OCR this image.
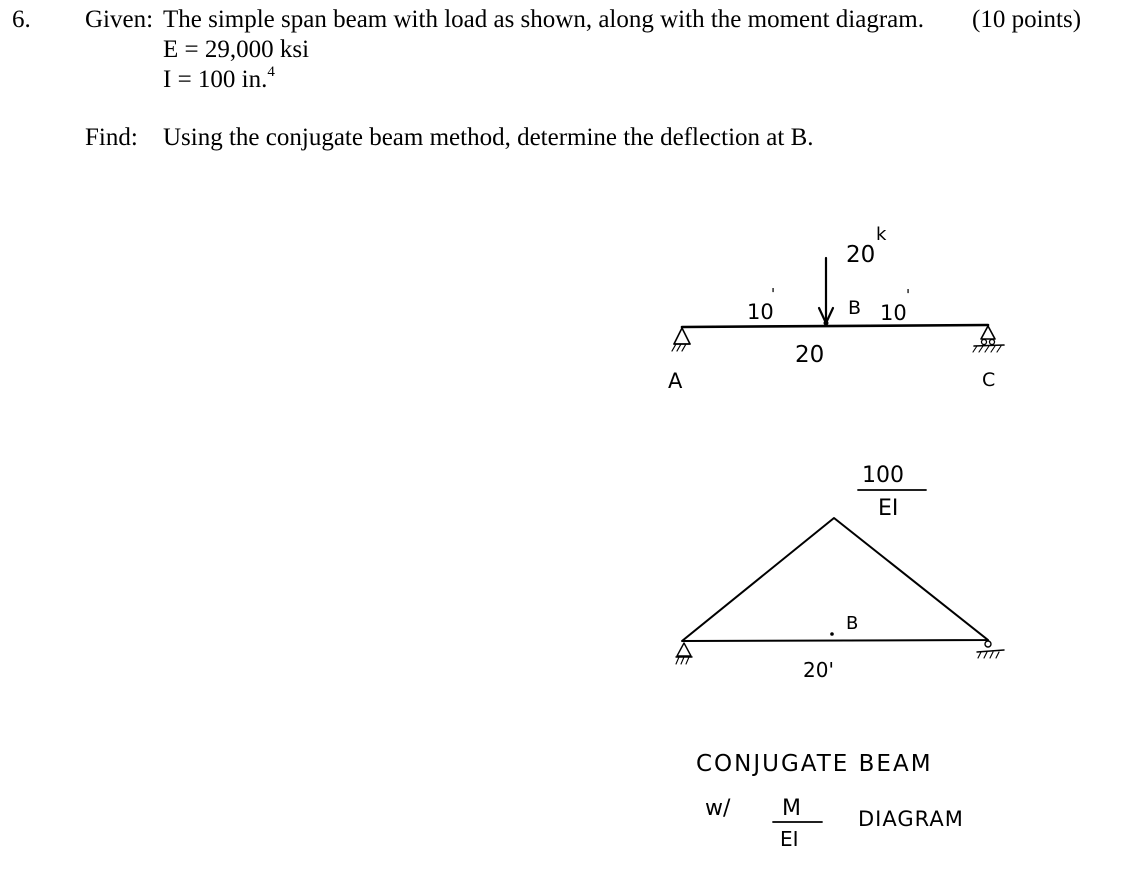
6. Given: The simple span beam with load as shown, along with the moment diagram. (10 points)
E = 29,000 ksi
I = 100 in.$^4$
Find: Using the conjugate beam method, determine the deflection at B.
20
k
10
'
B 10
'
20
A	C
100
EI
B
20'
CONJUGATE BEAM
w/ M
EI
DIAGRAM
